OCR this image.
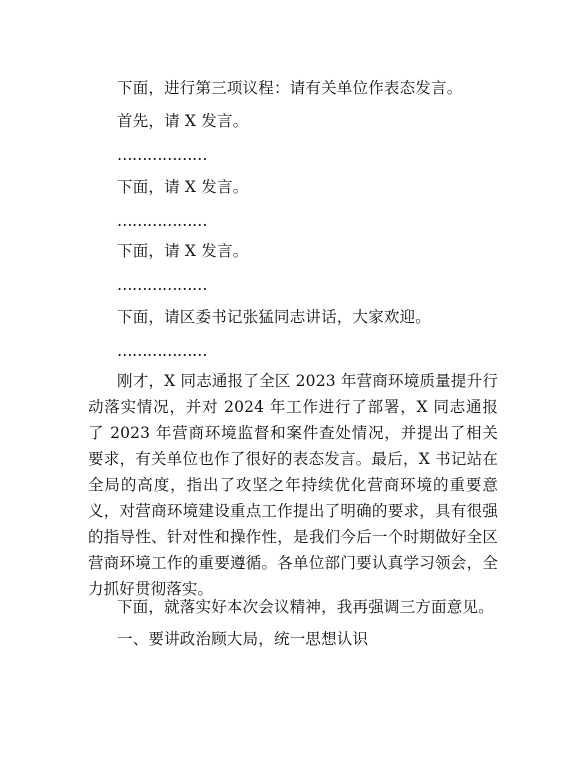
下面，进行第三项议程：请有关单位作表态发言。

首先，请 X 发言。

………………

下面，请 X 发言。

………………

下面，请 X 发言。

………………

下面，请区委书记张猛同志讲话，大家欢迎。

………………

刚才，X 同志通报了全区 2023 年营商环境质量提升行动落实情况，并对 2024 年工作进行了部署，X 同志通报了 2023 年营商环境监督和案件查处情况，并提出了相关要求，有关单位也作了很好的表态发言。最后，X 书记站在全局的高度，指出了攻坚之年持续优化营商环境的重要意义，对营商环境建设重点工作提出了明确的要求，具有很强的指导性、针对性和操作性，是我们今后一个时期做好全区营商环境工作的重要遵循。各单位部门要认真学习领会，全力抓好贯彻落实。

下面，就落实好本次会议精神，我再强调三方面意见。

一、要讲政治顾大局，统一思想认识
